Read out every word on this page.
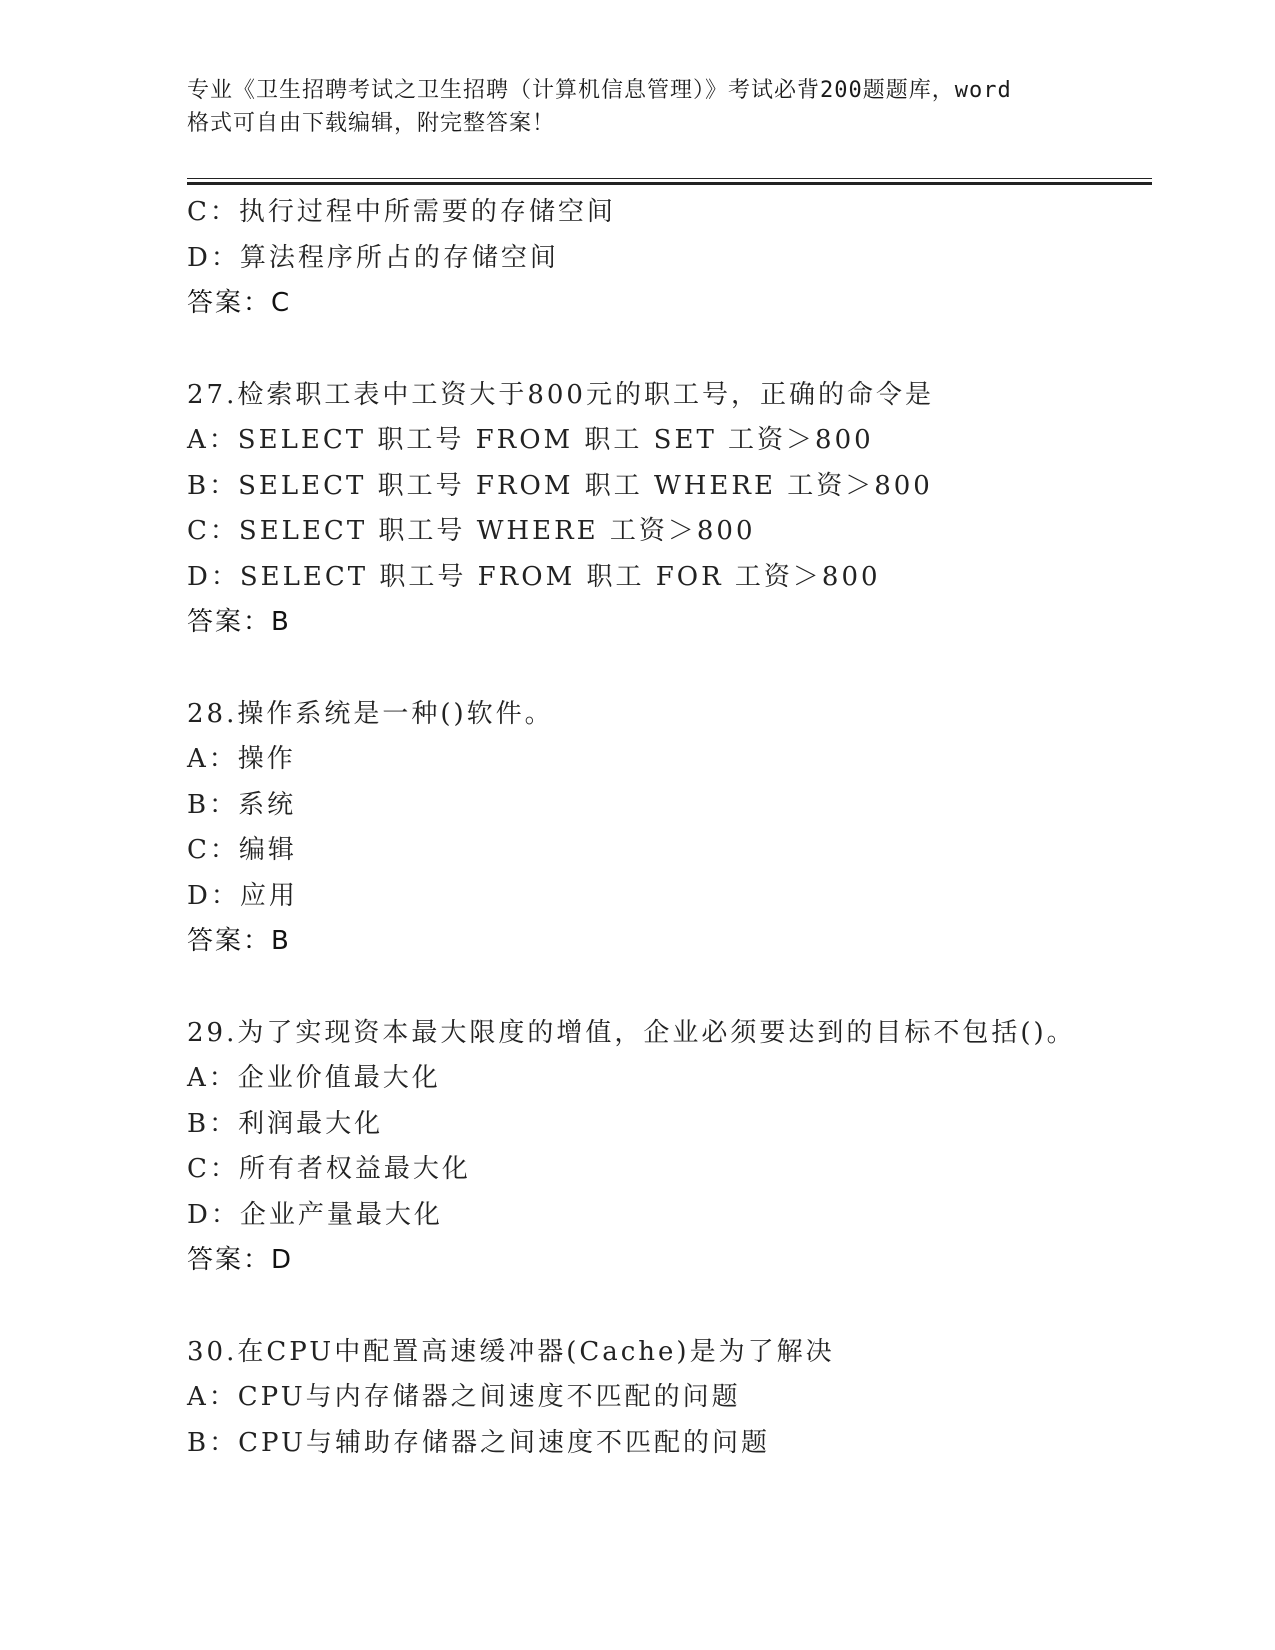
专业《卫生招聘考试之卫生招聘（计算机信息管理）》考试必背200题题库，word
格式可自由下载编辑，附完整答案！
C：执行过程中所需要的存储空间
D：算法程序所占的存储空间
答案：C
27.检索职工表中工资大于800元的职工号，正确的命令是
A：SELECT 职工号 FROM 职工 SET 工资＞800
B：SELECT 职工号 FROM 职工 WHERE 工资＞800
C：SELECT 职工号 WHERE 工资＞800
D：SELECT 职工号 FROM 职工 FOR 工资＞800
答案：B
28.操作系统是一种()软件。
A：操作
B：系统
C：编辑
D：应用
答案：B
29.为了实现资本最大限度的增值，企业必须要达到的目标不包括()。
A：企业价值最大化
B：利润最大化
C：所有者权益最大化
D：企业产量最大化
答案：D
30.在CPU中配置高速缓冲器(Cache)是为了解决
A：CPU与内存储器之间速度不匹配的问题
B：CPU与辅助存储器之间速度不匹配的问题
